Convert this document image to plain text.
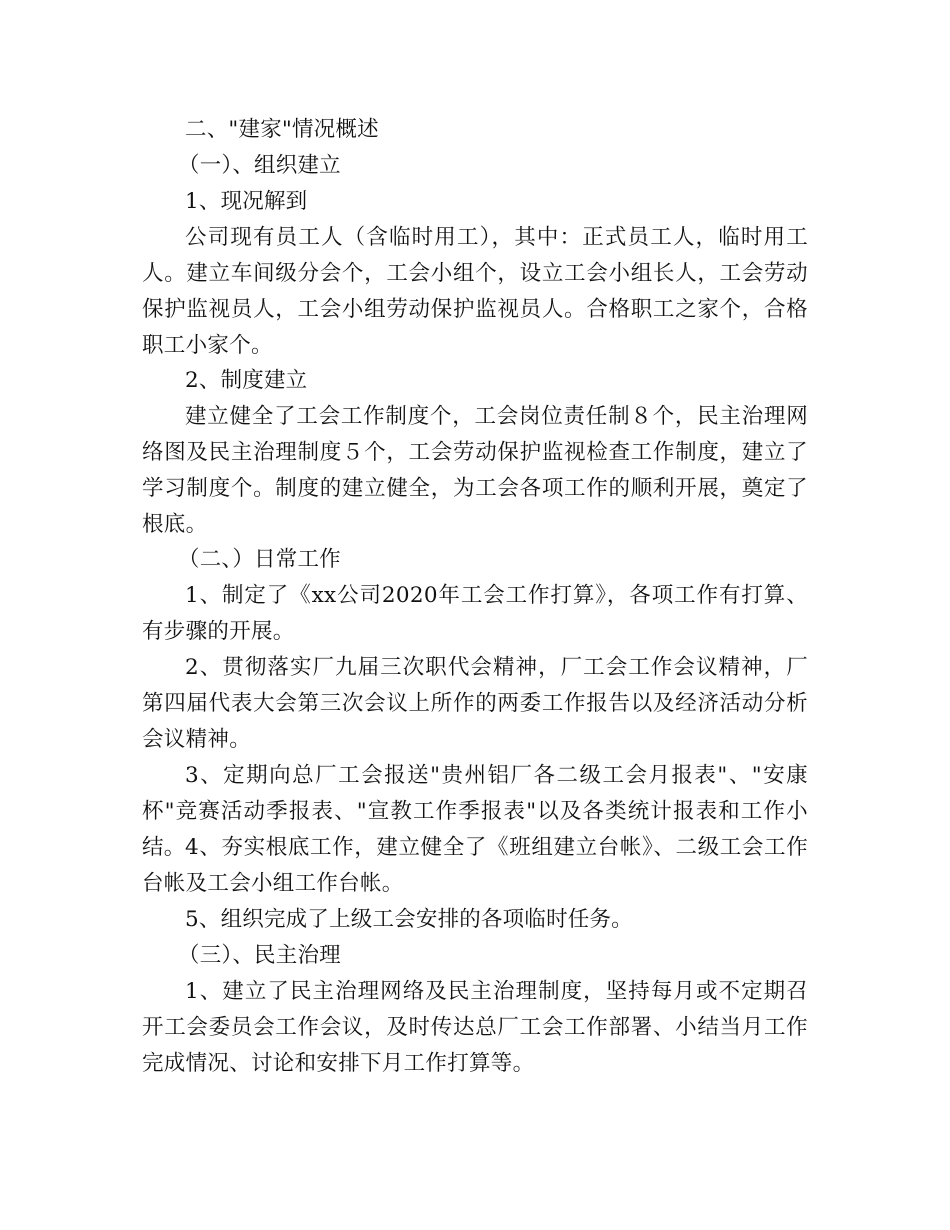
二、"建家"情况概述
（一）、组织建立
1、现况解到

公司现有员工人（含临时用工），其中：正式员工人，临时用工人。建立车间级分会个，工会小组个，设立工会小组长人，工会劳动保护监视员人，工会小组劳动保护监视员人。合格职工之家个，合格职工小家个。

2、制度建立

建立健全了工会工作制度个，工会岗位责任制８个，民主治理网络图及民主治理制度５个，工会劳动保护监视检查工作制度，建立了学习制度个。制度的建立健全，为工会各项工作的顺利开展，奠定了根底。

（二、）日常工作

1、制定了《xx公司2020年工会工作打算》，各项工作有打算、有步骤的开展。

2、贯彻落实厂九届三次职代会精神，厂工会工作会议精神，厂第四届代表大会第三次会议上所作的两委工作报告以及经济活动分析会议精神。

3、定期向总厂工会报送"贵州铝厂各二级工会月报表"、"安康杯"竞赛活动季报表、"宣教工作季报表"以及各类统计报表和工作小结。 4、夯实根底工作，建立健全了《班组建立台帐》、二级工会工作台帐及工会小组工作台帐。

5、组织完成了上级工会安排的各项临时任务。
（三）、民主治理

1、建立了民主治理网络及民主治理制度，坚持每月或不定期召开工会委员会工作会议，及时传达总厂工会工作部署、小结当月工作完成情况、讨论和安排下月工作打算等。
